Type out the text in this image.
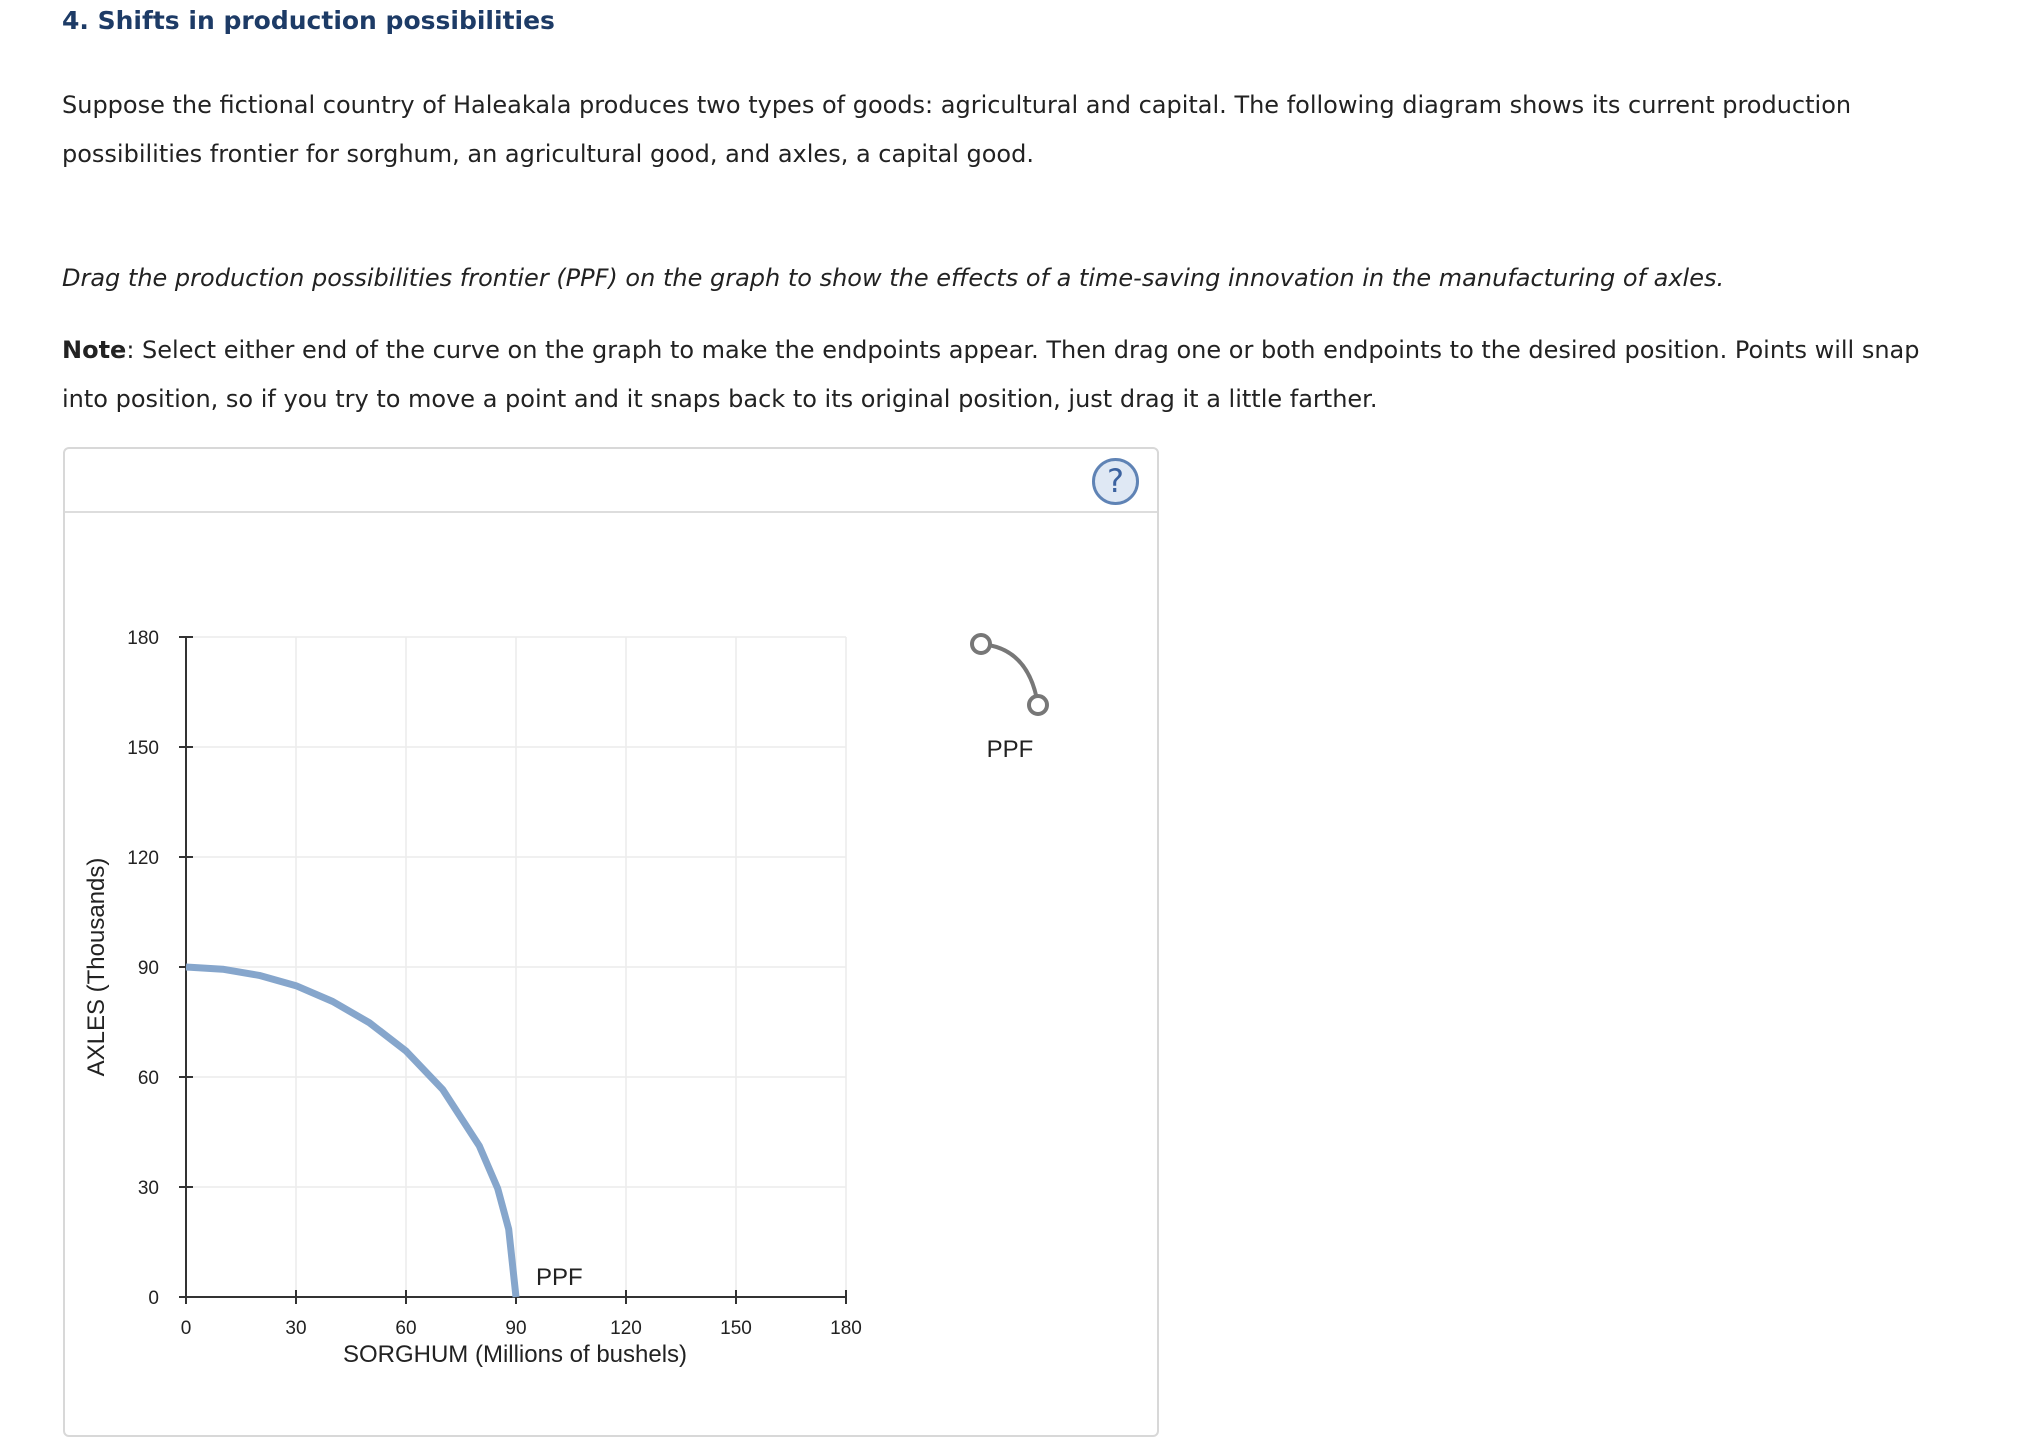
4. Shifts in production possibilities
Suppose the fictional country of Haleakala produces two types of goods: agricultural and capital. The following diagram shows its current production possibilities frontier for sorghum, an agricultural good, and axles, a capital good.
Drag the production possibilities frontier (PPF) on the graph to show the effects of a time-saving innovation in the manufacturing of axles.
Note: Select either end of the curve on the graph to make the endpoints appear. Then drag one or both endpoints to the desired position. Points will snap into position, so if you try to move a point and it snaps back to its original position, just drag it a little farther.
?
0	30	60	90	120	150	180
0
30
60
90
120
150
180
PPF
SORGHUM (Millions of bushels)
AXLES (Thousands)
PPF
